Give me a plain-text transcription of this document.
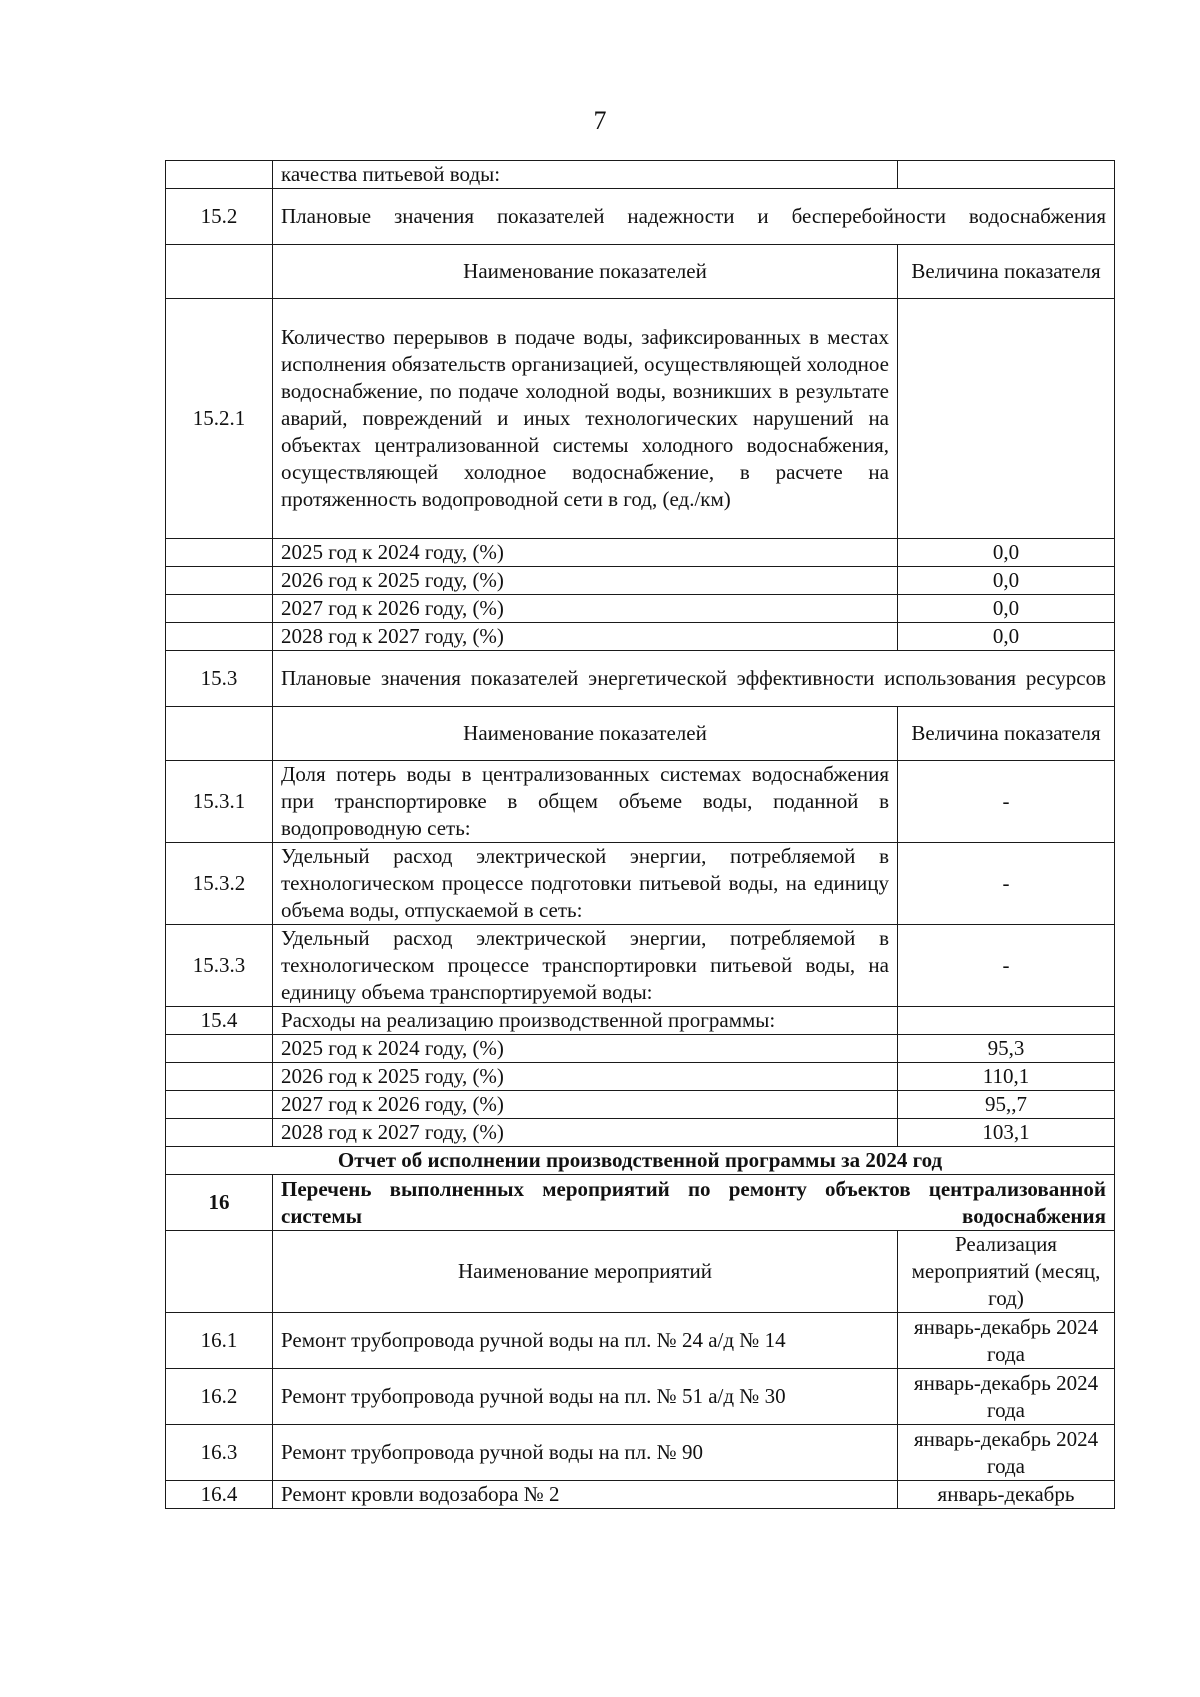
7
	качества питьевой воды:	
15.2	Плановые значения показателей надежности и бесперебойности водоснабжения	
	Наименование показателей	Величина показателя
15.2.1	Количество перерывов в подаче воды, зафиксированных в местах исполнения обязательств организацией, осуществляющей холодное водоснабжение, по подаче холодной воды, возникших в результате аварий, повреждений и иных технологических нарушений на объектах централизованной системы холодного водоснабжения, осуществляющей холодное водоснабжение, в расчете на протяженность водопроводной сети в год, (ед./км)	
	2025 год к 2024 году, (%)	0,0
	2026 год к 2025 году, (%)	0,0
	2027 год к 2026 году, (%)	0,0
	2028 год к 2027 году, (%)	0,0
15.3	Плановые значения показателей энергетической эффективности использования ресурсов	
	Наименование показателей	Величина показателя
15.3.1	Доля потерь воды в централизованных системах водоснабжения при транспортировке в общем объеме воды, поданной в водопроводную сеть:	-
15.3.2	Удельный расход электрической энергии, потребляемой в технологическом процессе подготовки питьевой воды, на единицу объема воды, отпускаемой в сеть:	-
15.3.3	Удельный расход электрической энергии, потребляемой в технологическом процессе транспортировки питьевой воды, на единицу объема транспортируемой воды:	-
15.4	Расходы на реализацию производственной программы:	
	2025 год к 2024 году, (%)	95,3
	2026 год к 2025 году, (%)	110,1
	2027 год к 2026 году, (%)	95,,7
	2028 год к 2027 году, (%)	103,1
Отчет об исполнении производственной программы за 2024 год		
16	Перечень выполненных мероприятий по ремонту объектов централизованной системы водоснабжения	
	Наименование мероприятий	Реализация мероприятий (месяц, год)
16.1	Ремонт трубопровода ручной воды на пл. № 24 а/д № 14	январь-декабрь 2024 года
16.2	Ремонт трубопровода ручной воды на пл. № 51 а/д № 30	январь-декабрь 2024 года
16.3	Ремонт трубопровода ручной воды на пл. № 90	январь-декабрь 2024 года
16.4	Ремонт кровли водозабора № 2	январь-декабрь
